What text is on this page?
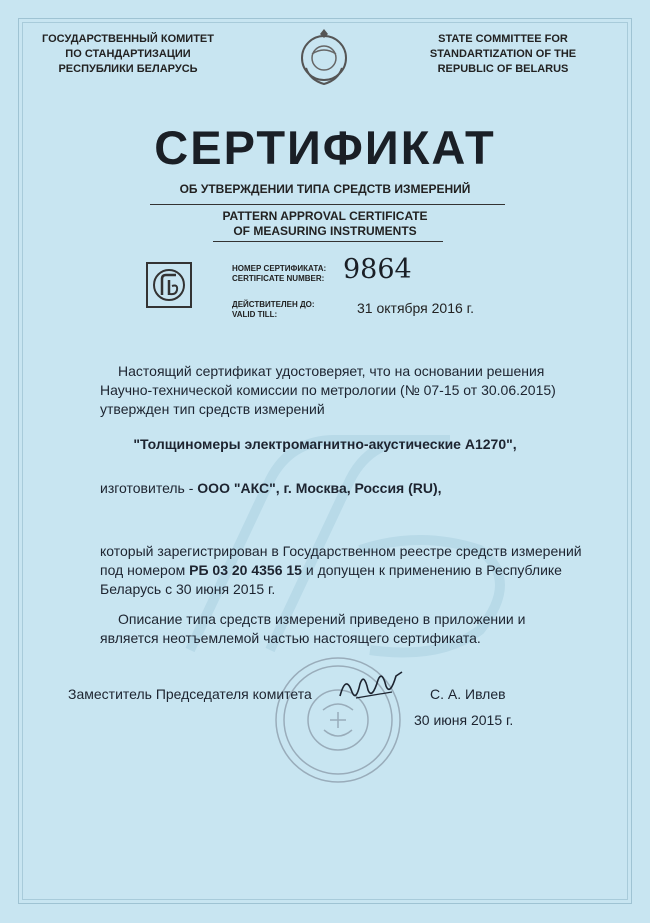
ГОСУДАРСТВЕННЫЙ КОМИТЕТ
ПО СТАНДАРТИЗАЦИИ
РЕСПУБЛИКИ БЕЛАРУСЬ
STATE COMMITTEE FOR
STANDARTIZATION OF THE
REPUBLIC OF BELARUS
СЕРТИФИКАТ
ОБ УТВЕРЖДЕНИИ ТИПА СРЕДСТВ ИЗМЕРЕНИЙ
PATTERN APPROVAL CERTIFICATE
OF MEASURING INSTRUMENTS
НОМЕР СЕРТИФИКАТА:
CERTIFICATE NUMBER: 9864
ДЕЙСТВИТЕЛЕН ДО:
VALID TILL:	31 октября 2016 г.
Настоящий сертификат удостоверяет, что на основании решения
Научно-технической комиссии по метрологии (№ 07-15 от 30.06.2015)
утвержден тип средств измерений
"Толщиномеры электромагнитно-акустические А1270",
изготовитель - ООО "АКС", г. Москва, Россия (RU),
который зарегистрирован в Государственном реестре средств измерений
под номером РБ 03 20 4356 15 и допущен к применению в Республике
Беларусь с 30 июня 2015 г.
Описание типа средств измерений приведено в приложении и
является неотъемлемой частью настоящего сертификата.
Заместитель Председателя комитета	С. А. Ивлев
30 июня 2015 г.
